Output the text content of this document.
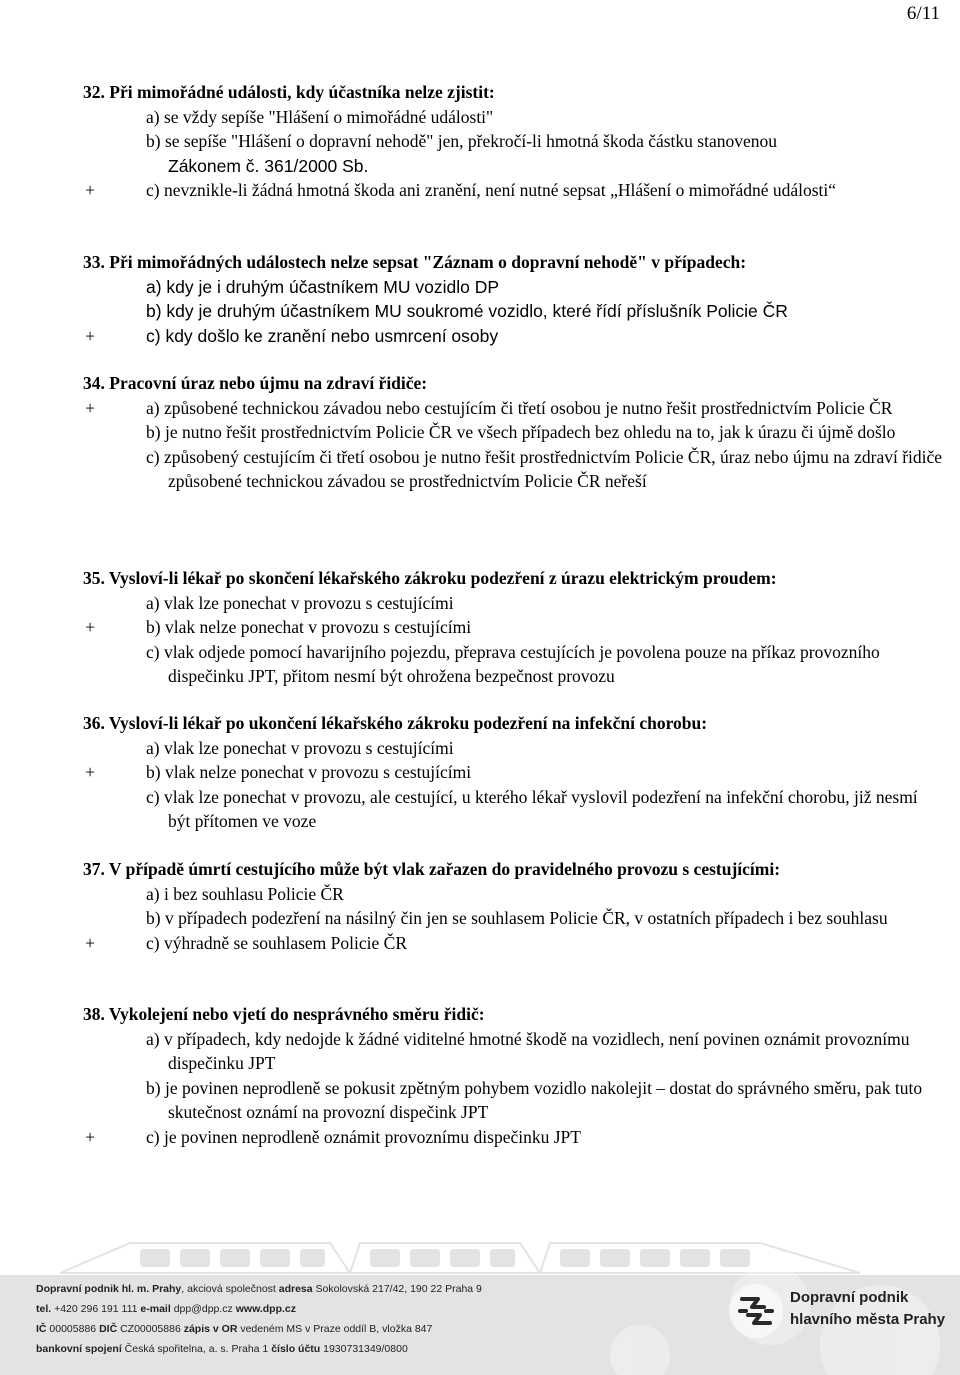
6/11
32. Při mimořádné události, kdy účastníka nelze zjistit:
a) se vždy sepíše "Hlášení o mimořádné události"
b) se sepíše "Hlášení o dopravní nehodě" jen, překročí-li hmotná škoda částku stanovenou
Zákonem č. 361/2000 Sb.
+	c) nevznikle-li žádná hmotná škoda ani zranění, není nutné sepsat „Hlášení o mimořádné události“
33. Při mimořádných událostech nelze sepsat "Záznam o dopravní nehodě" v případech:
a) kdy je i druhým účastníkem MU vozidlo DP
b) kdy je druhým účastníkem MU soukromé vozidlo, které řídí příslušník Policie ČR
+	c) kdy došlo ke zranění nebo usmrcení osoby
34. Pracovní úraz nebo újmu na zdraví řidiče:
+	a) způsobené technickou závadou nebo cestujícím či třetí osobou je nutno řešit prostřednictvím Policie ČR
b) je nutno řešit prostřednictvím Policie ČR ve všech případech bez ohledu na to, jak k úrazu či újmě došlo
c) způsobený cestujícím či třetí osobou je nutno řešit prostřednictvím Policie ČR, úraz nebo újmu na zdraví řidiče způsobené technickou závadou se prostřednictvím Policie ČR neřeší
35. Vysloví-li lékař po skončení lékařského zákroku podezření z úrazu elektrickým proudem:
a) vlak lze ponechat v provozu s cestujícími
+	b) vlak nelze ponechat v provozu s cestujícími
c) vlak odjede pomocí havarijního pojezdu, přeprava cestujících je povolena pouze na příkaz provozního dispečinku JPT, přitom nesmí být ohrožena bezpečnost provozu
36. Vysloví-li lékař po ukončení lékařského zákroku podezření na infekční chorobu:
a) vlak lze ponechat v provozu s cestujícími
+	b) vlak nelze ponechat v provozu s cestujícími
c) vlak lze ponechat v provozu, ale cestující, u kterého lékař vyslovil podezření na infekční chorobu, již nesmí být přítomen ve voze
37. V případě úmrtí cestujícího může být vlak zařazen do pravidelného provozu s cestujícími:
a) i bez souhlasu Policie ČR
b) v případech podezření na násilný čin jen se souhlasem Policie ČR, v ostatních případech i bez souhlasu
+	c) výhradně se souhlasem Policie ČR
38. Vykolejení nebo vjetí do nesprávného směru řidič:
a) v případech, kdy nedojde k žádné viditelné hmotné škodě na vozidlech, není povinen oznámit provoznímu dispečinku JPT
b) je povinen neprodleně se pokusit zpětným pohybem vozidlo nakolejit – dostat do správného směru, pak tuto skutečnost oznámí na provozní dispečink JPT
+	c) je povinen neprodleně oznámit provoznímu dispečinku JPT
Dopravní podnik hl. m. Prahy, akciová společnost adresa Sokolovská 217/42, 190 22 Praha 9
tel. +420 296 191 111 e-mail dpp@dpp.cz www.dpp.cz
IČ 00005886 DIČ CZ00005886 zápis v OR vedeném MS v Praze oddíl B, vložka 847
bankovní spojení Česká spořitelna, a. s. Praha 1 číslo účtu 1930731349/0800
Dopravní podnik
hlavního města Prahy
